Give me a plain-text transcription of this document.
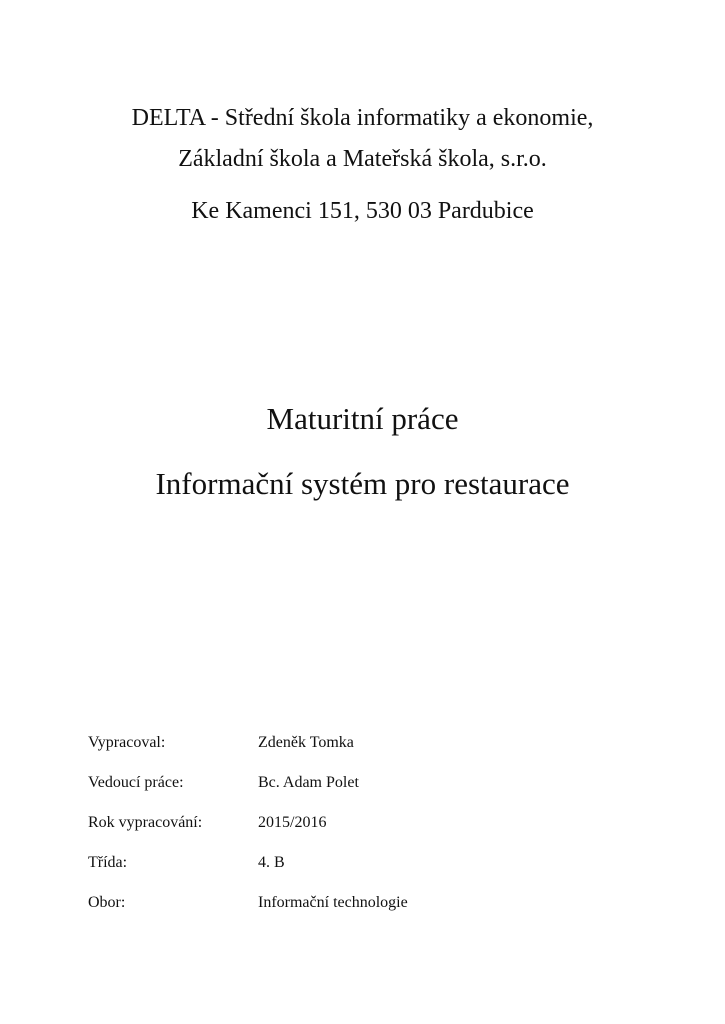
DELTA - Střední škola informatiky a ekonomie,

Základní škola a Mateřská škola, s.r.o.

Ke Kamenci 151, 530 03 Pardubice

Maturitní práce
Informační systém pro restaurace
Vypracoval:	Zdeněk Tomka
Vedoucí práce:	Bc. Adam Polet
Rok vypracování:	2015/2016
Třída:	4. B
Obor:	Informační technologie
